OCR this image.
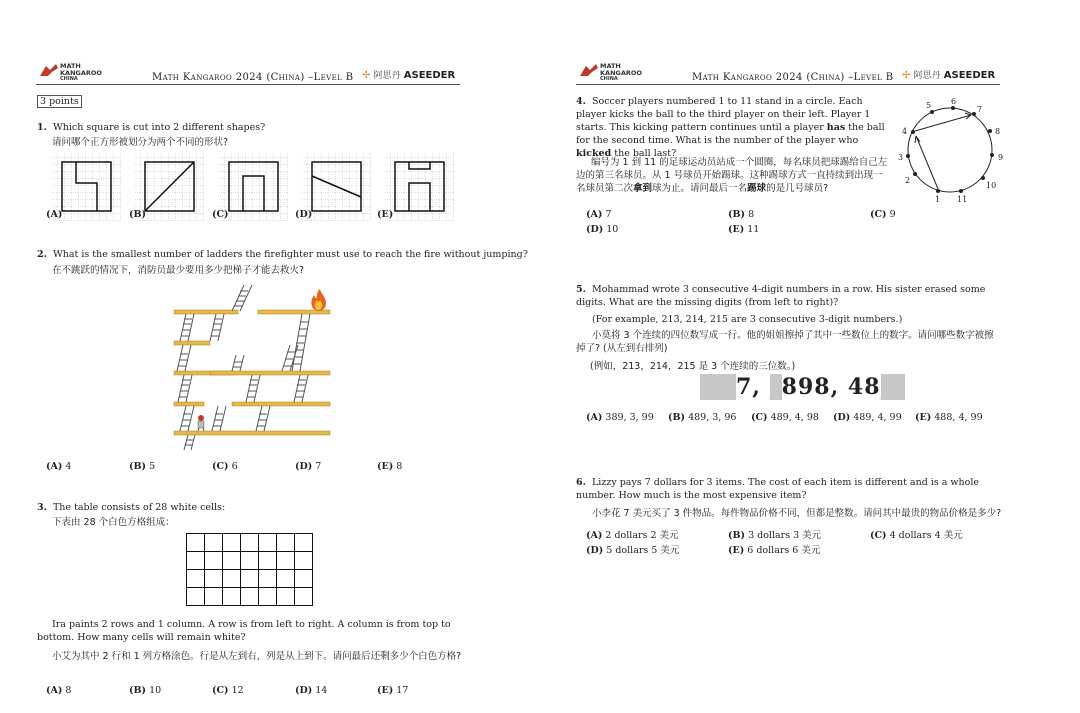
MATH
KANGAROO
CHINA	Math Kangaroo 2024 (China) –Level B ✢ 阿思丹 ASEEDER
3 points
1. Which square is cut into 2 different shapes?
请问哪个正方形被划分为两个不同的形状?
(A)	(B)	(C)	(D)	(E)
2. What is the smallest number of ladders the firefighter must use to reach the fire without jumping?
在不跳跃的情况下，消防员最少要用多少把梯子才能去救火?
(A) 4	(B) 5	(C) 6	(D) 7	(E) 8
3. The table consists of 28 white cells:
下表由 28 个白色方格组成：
Ira paints 2 rows and 1 column. A row is from left to right. A column is from top to bottom. How many cells will remain white?
小艾为其中 2 行和 1 列方格涂色。行是从左到右，列是从上到下。请问最后还剩多少个白色方格?
(A) 8	(B) 10	(C) 12	(D) 14	(E) 17
MATH
KANGAROO
CHINA	Math Kangaroo 2024 (China) –Level B ✢ 阿思丹 ASEEDER
4. Soccer players numbered 1 to 11 stand in a circle. Each player kicks the ball to the third player on their left. Player 1 starts. This kicking pattern continues until a player has the ball for the second time. What is the number of the player who kicked the ball last?
编号为 1 到 11 的足球运动员站成一个圆圈，每名球员把球踢给自己左边的第三名球员。从 1 号球员开始踢球。这种踢球方式一直持续到出现一名球员第二次拿到球为止。请问最后一名踢球的是几号球员?
1
2
3
4
5 6
7
8
9
10
11
(A) 7	(B) 8	(C) 9
(D) 10	(E) 11
5. Mohammad wrote 3 consecutive 4-digit numbers in a row. His sister erased some digits. What are the missing digits (from left to right)?
(For example, 213, 214, 215 are 3 consecutive 3-digit numbers.)
小莫将 3 个连续的四位数写成一行。他的姐姐擦掉了其中一些数位上的数字。请问哪些数字被擦掉了? (从左到右排列)
(例如，213，214，215 是 3 个连续的三位数。)
___7, _898, 48__
(A) 389, 3, 99 (B) 489, 3, 96 (C) 489, 4, 98 (D) 489, 4, 99 (E) 488, 4, 99
6. Lizzy pays 7 dollars for 3 items. The cost of each item is different and is a whole number. How much is the most expensive item?
小李花 7 美元买了 3 件物品。每件物品价格不同，但都是整数。请问其中最贵的物品价格是多少?
(A) 2 dollars 2 美元	(B) 3 dollars 3 美元	(C) 4 dollars 4 美元
(D) 5 dollars 5 美元	(E) 6 dollars 6 美元
